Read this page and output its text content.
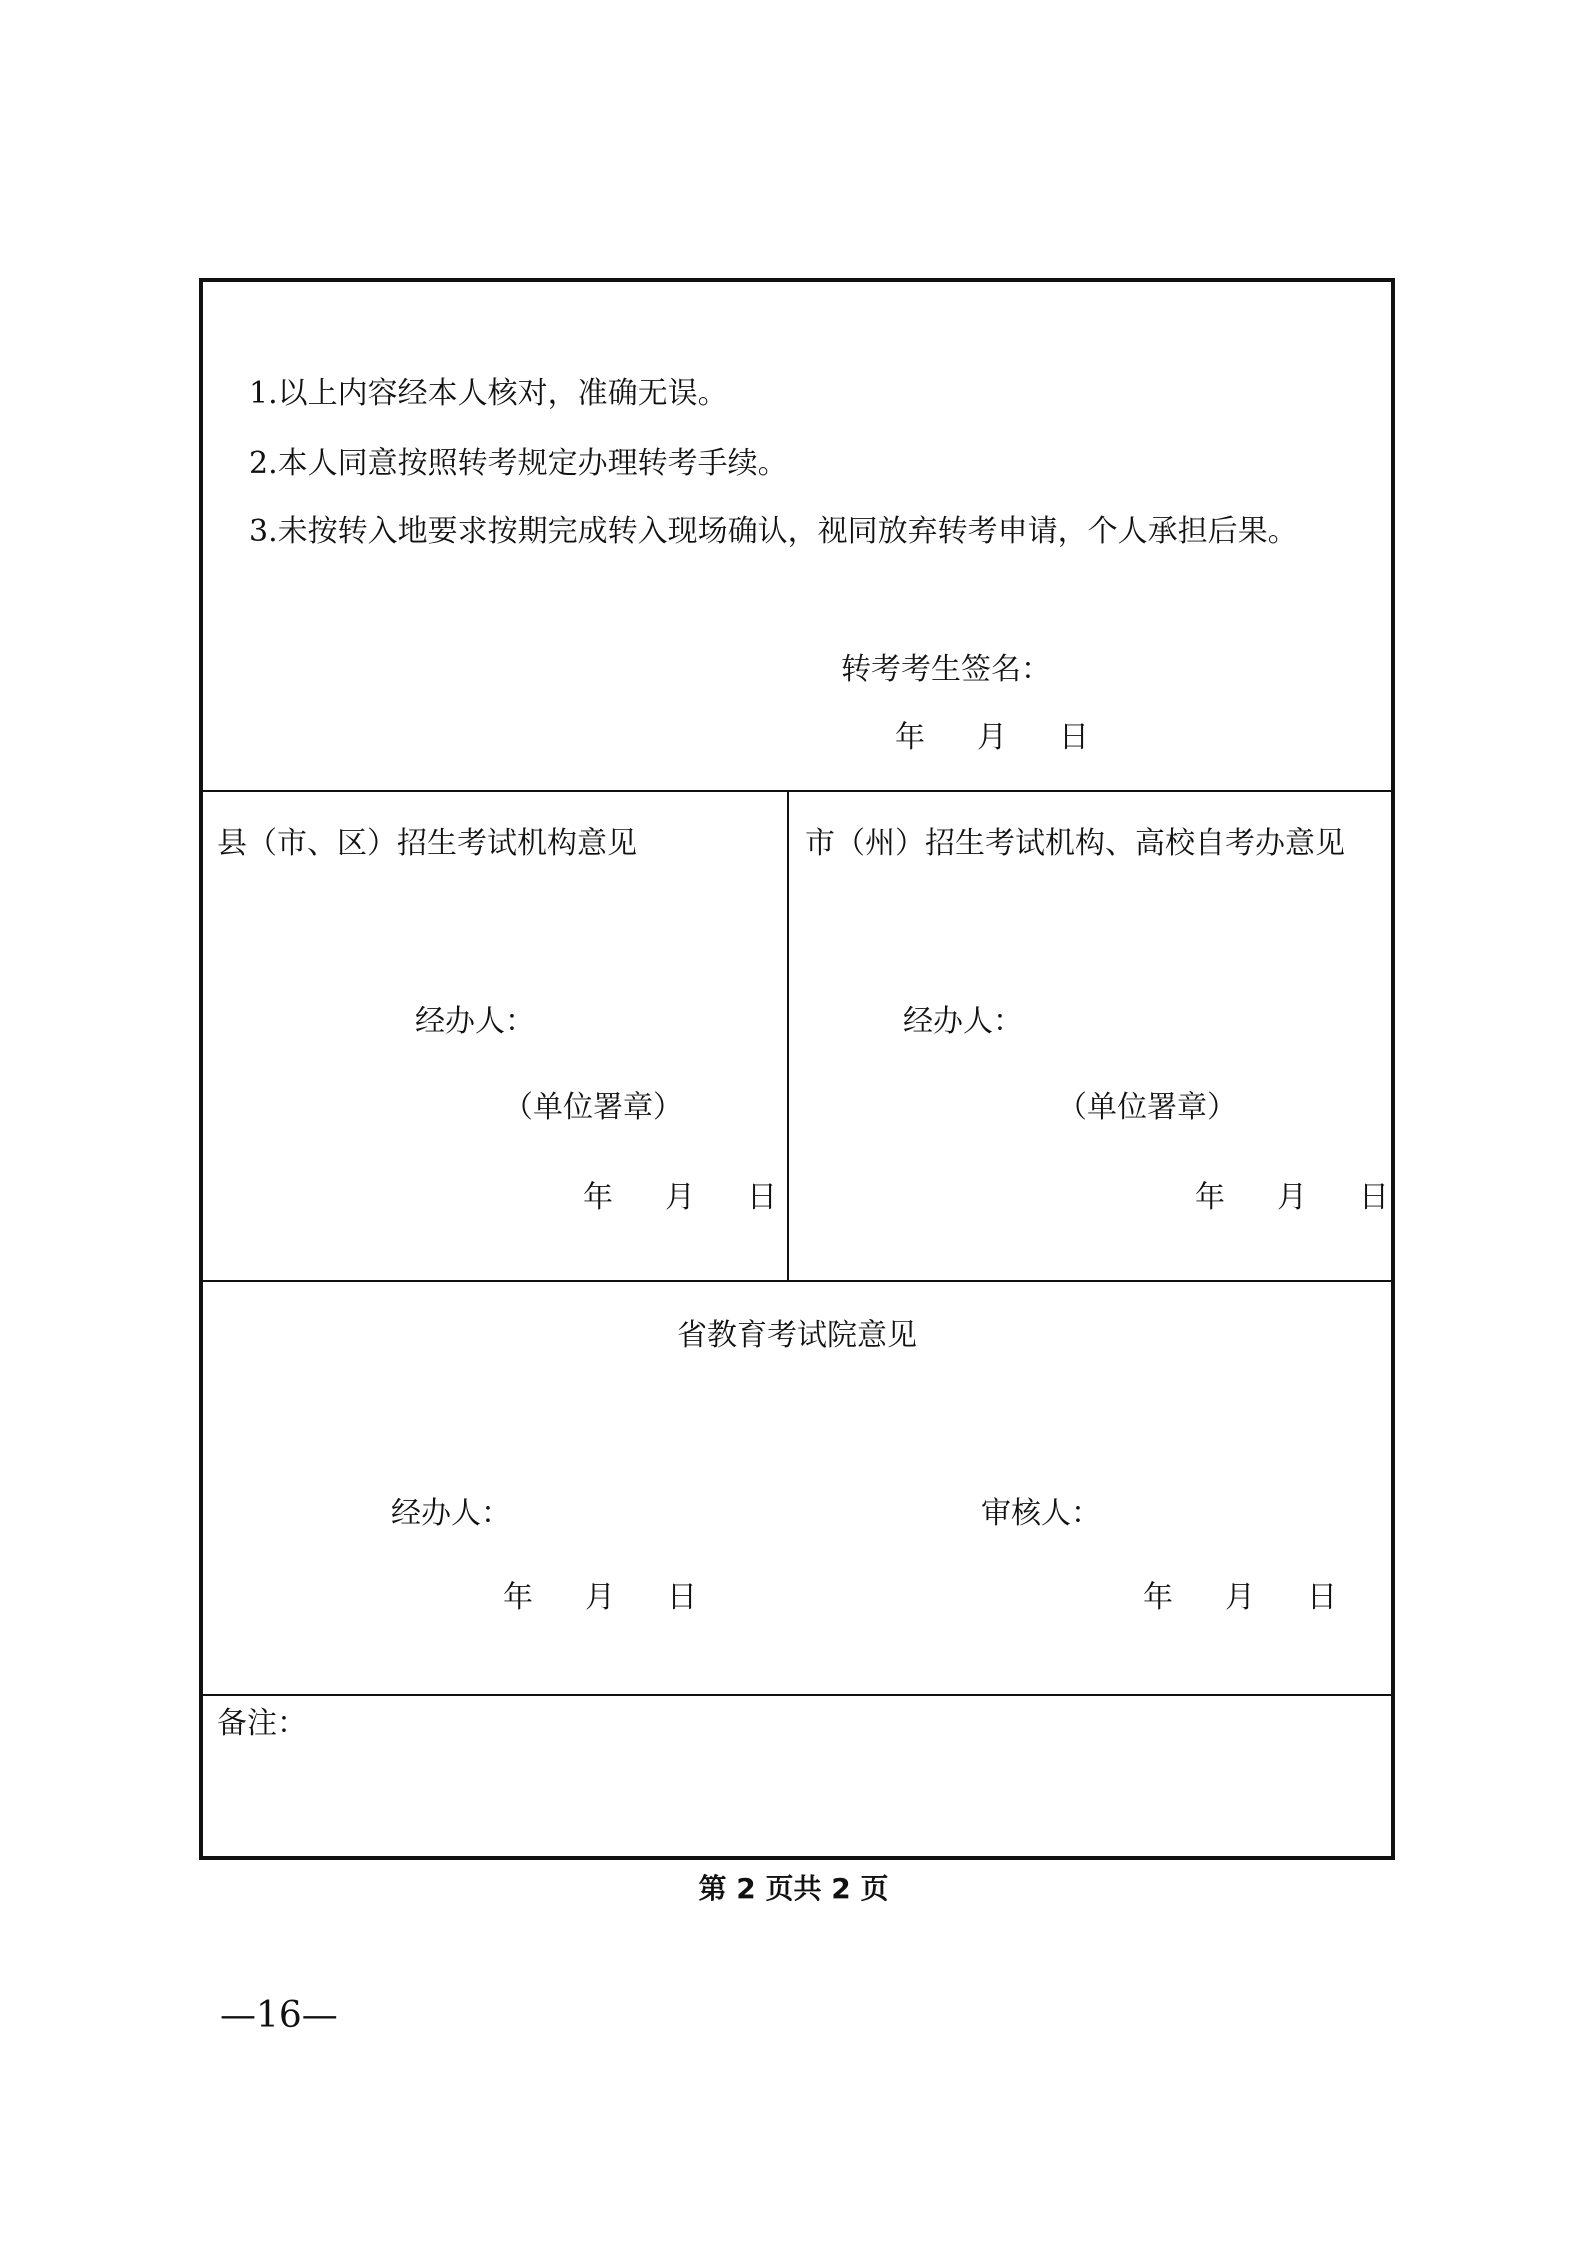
1.以上内容经本人核对，准确无误。
2.本人同意按照转考规定办理转考手续。
3.未按转入地要求按期完成转入现场确认，视同放弃转考申请，个人承担后果。
转考考生签名：
年 月 日
县（市、区）招生考试机构意见
经办人：
（单位署章）
年 月 日
市（州）招生考试机构、高校自考办意见
经办人：
（单位署章）
年 月 日
省教育考试院意见
经办人：	审核人：
年 月 日	年 月 日
备注：
第 2 页共 2 页
—16—
